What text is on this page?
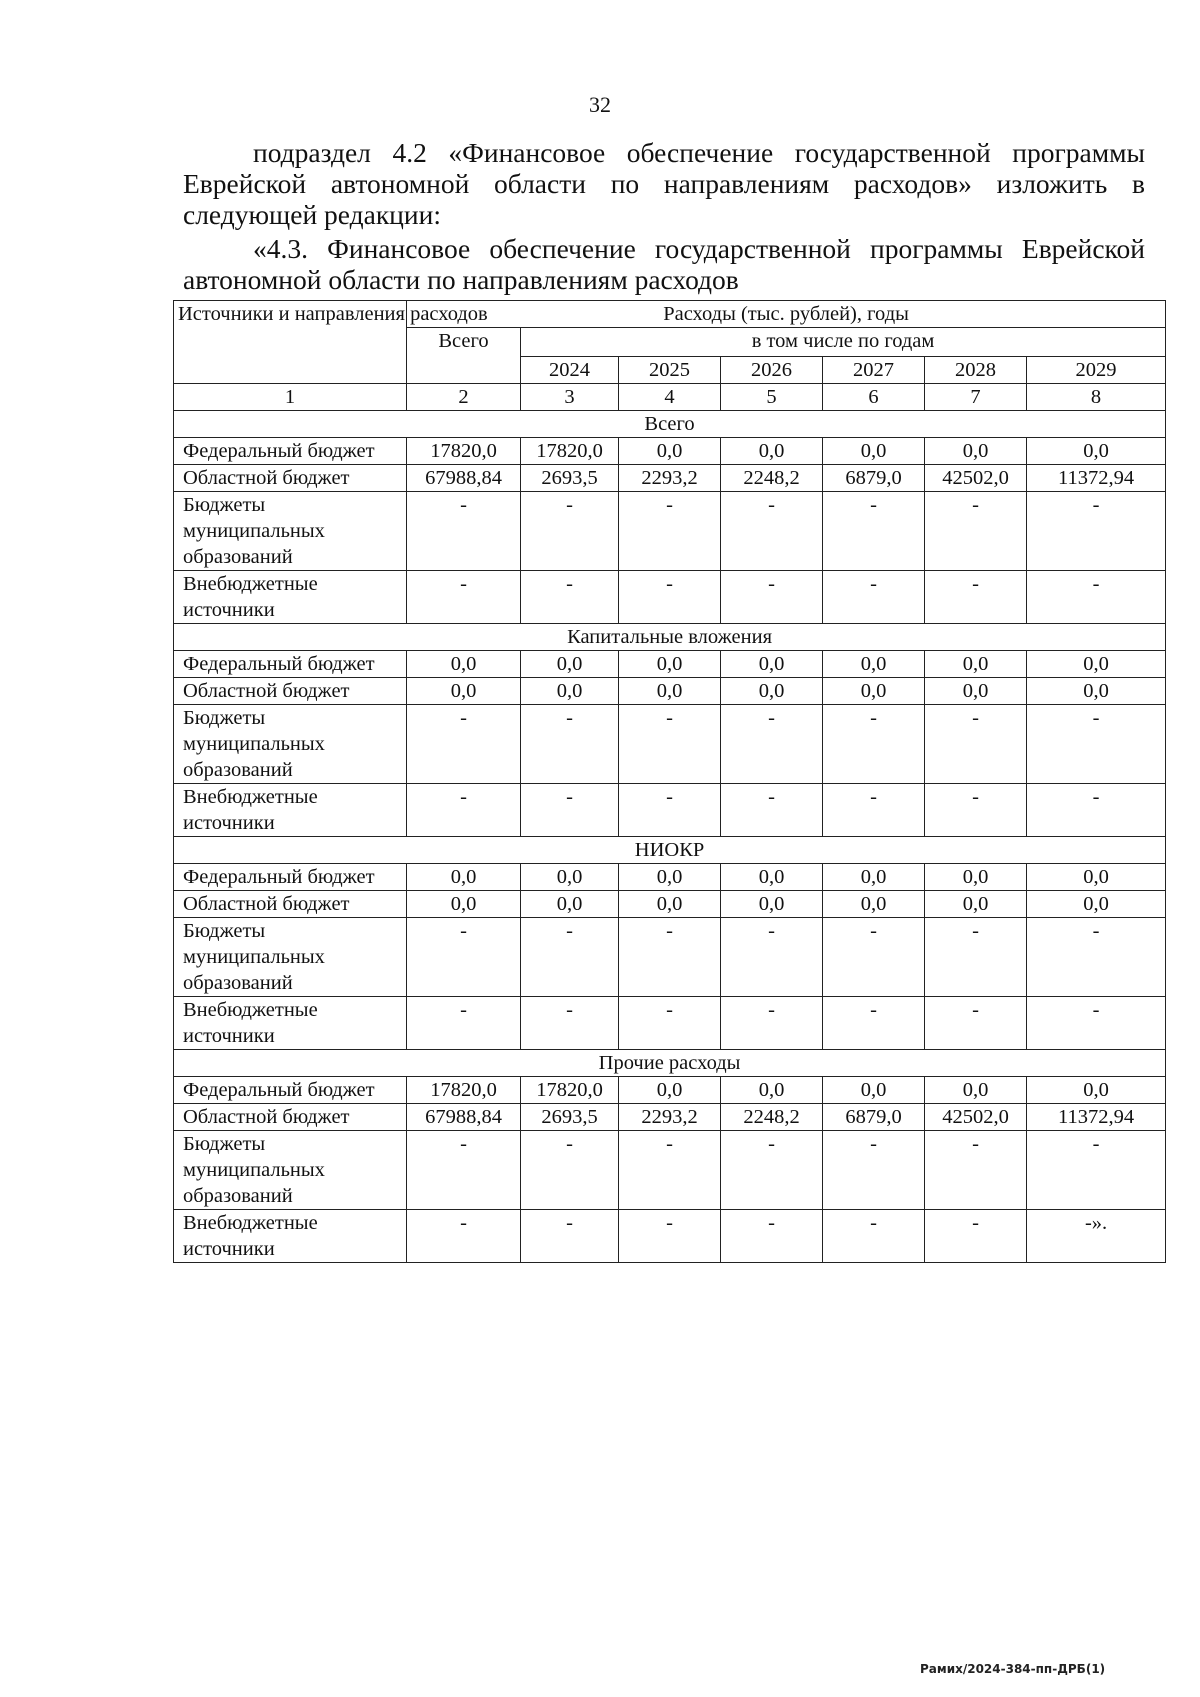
32
подраздел 4.2 «Финансовое обеспечение государственной программы Еврейской автономной области по направлениям расходов» изложить в следующей редакции:
«4.3. Финансовое обеспечение государственной программы Еврейской автономной области по направлениям расходов
Источники и направления расходов	Расходы (тыс. рублей), годы						
	Всего	в том числе по годам					
		2024	2025	2026	2027	2028	2029
1	2	3	4	5	6	7	8
Всего							
Федеральный бюджет	17820,0	17820,0	0,0	0,0	0,0	0,0	0,0
Областной бюджет	67988,84	2693,5	2293,2	2248,2	6879,0	42502,0	11372,94
Бюджеты муниципальных образований	-	-	-	-	-	-	-
Внебюджетные источники	-	-	-	-	-	-	-
Капитальные вложения							
Федеральный бюджет	0,0	0,0	0,0	0,0	0,0	0,0	0,0
Областной бюджет	0,0	0,0	0,0	0,0	0,0	0,0	0,0
Бюджеты муниципальных образований	-	-	-	-	-	-	-
Внебюджетные источники	-	-	-	-	-	-	-
НИОКР							
Федеральный бюджет	0,0	0,0	0,0	0,0	0,0	0,0	0,0
Областной бюджет	0,0	0,0	0,0	0,0	0,0	0,0	0,0
Бюджеты муниципальных образований	-	-	-	-	-	-	-
Внебюджетные источники	-	-	-	-	-	-	-
Прочие расходы							
Федеральный бюджет	17820,0	17820,0	0,0	0,0	0,0	0,0	0,0
Областной бюджет	67988,84	2693,5	2293,2	2248,2	6879,0	42502,0	11372,94
Бюджеты муниципальных образований	-	-	-	-	-	-	-
Внебюджетные источники	-	-	-	-	-	-	-».
Рамих/2024-384-пп-ДРБ(1)
